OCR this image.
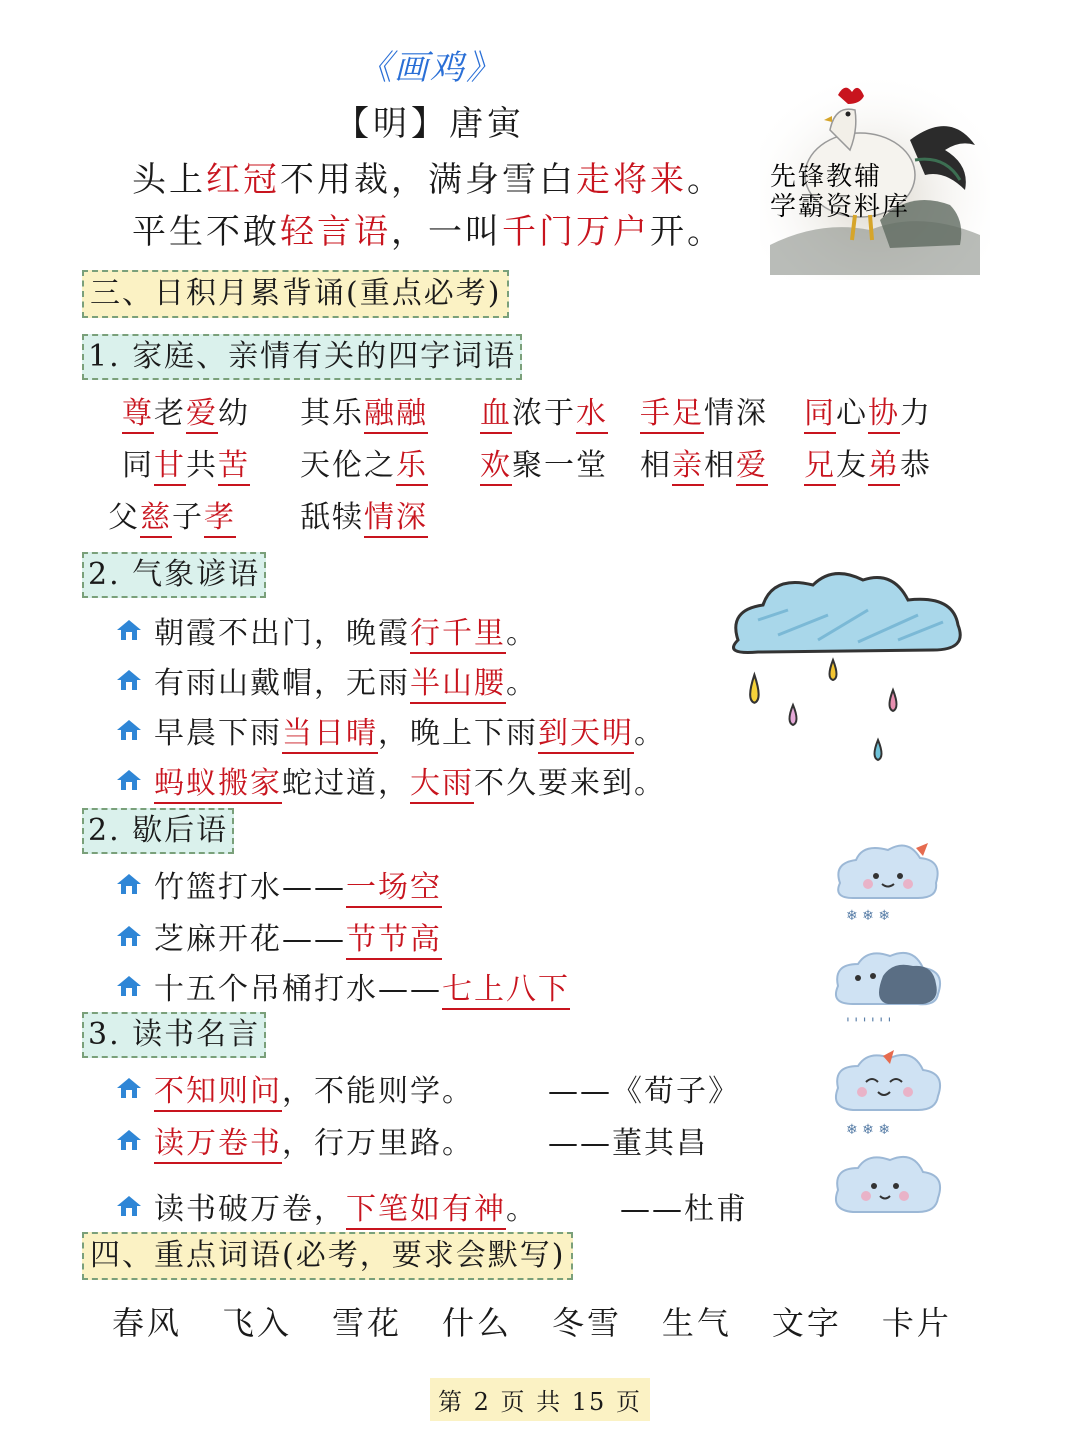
《画鸡》
【明】唐寅
头上红冠不用裁，满身雪白走将来。
平生不敢轻言语，一叫千门万户开。
先锋教辅
学霸资料库
三、日积月累背诵(重点必考)
1. 家庭、亲情有关的四字词语
尊老爱幼 其乐融融 血浓于水 手足情深 同心协力
同甘共苦 天伦之乐 欢聚一堂 相亲相爱 兄友弟恭
父慈子孝 舐犊情深
2. 气象谚语
朝霞不出门，晚霞行千里。
有雨山戴帽，无雨半山腰。
早晨下雨当日晴，晚上下雨到天明。
蚂蚁搬家蛇过道，大雨不久要来到。
2. 歇后语
竹篮打水——一场空
芝麻开花——节节高
十五个吊桶打水——七上八下
3. 读书名言
不知则问，不能则学。 ——《荀子》
读万卷书，行万里路。 ——董其昌
读书破万卷，下笔如有神。	——杜甫
❄ ❄ ❄
' ' ' ' ' '
❄ ❄ ❄
四、重点词语(必考，要求会默写)
春风 飞入 雪花 什么 冬雪 生气 文字 卡片
第 2 页 共 15 页
